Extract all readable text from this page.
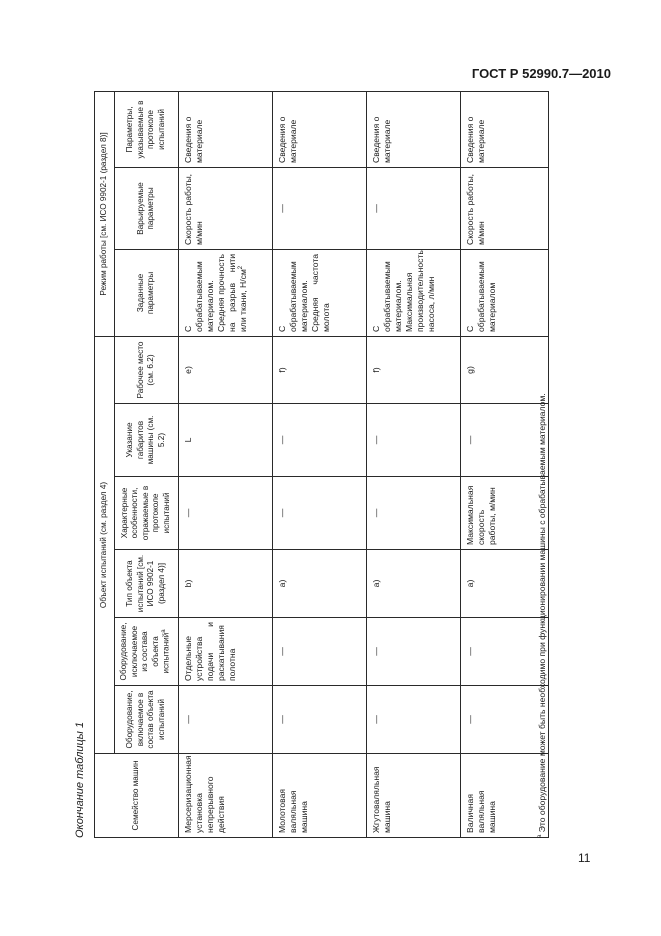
ГОСТ Р 52990.7—2010
Окончание таблицы 1	Семейство машин	Объект испытаний (см. раздел 4)						Режим работы [см. ИСО 9902-1 (раздел 8)]		
	Оборудование, включаемое в состав объекта испытаний	Оборудование, исключаемое из состава объекта испытаний$^а$	Тип объекта испытаний [см. ИСО 9902-1 (раздел 4)]	Характерные особенности, отражаемые в протоколе испытаний	Указание габаритов машины (см. 5.2)	Рабочее место (см. 6.2)	Заданные параметры	Варьируемые параметры	Параметры, указываемые в протоколе испытаний
Мерсеризационная установка непрерывного действия	—	Отдельные устройства подачи и раскатывания полотна	b)	—	L	e)	С обрабатываемым материалом. Средняя прочность на разрыв нити или ткани, $Н/см^2$	Скорость работы, м/мин	Сведения о материале
Молотовая валяльная машина	—	—	a)	—	—	f)	С обрабатываемым материалом. Средняя частота молота	—	Сведения о материале
Жгутоваляльная машина	—	—	a)	—	—	f)	С обрабатываемым материалом. Максимальная производительность насоса, л/мин	—	Сведения о материале
Валичная валяльная машина	—	—	a)	Максимальная скорость работы, м/мин	—	g)	С обрабатываемым материалом	Скорость работы, м/мин	Сведения о материале
$^а$ Это оборудование может быть необходимо при функционировании машины с обрабатываемым материалом.
11
